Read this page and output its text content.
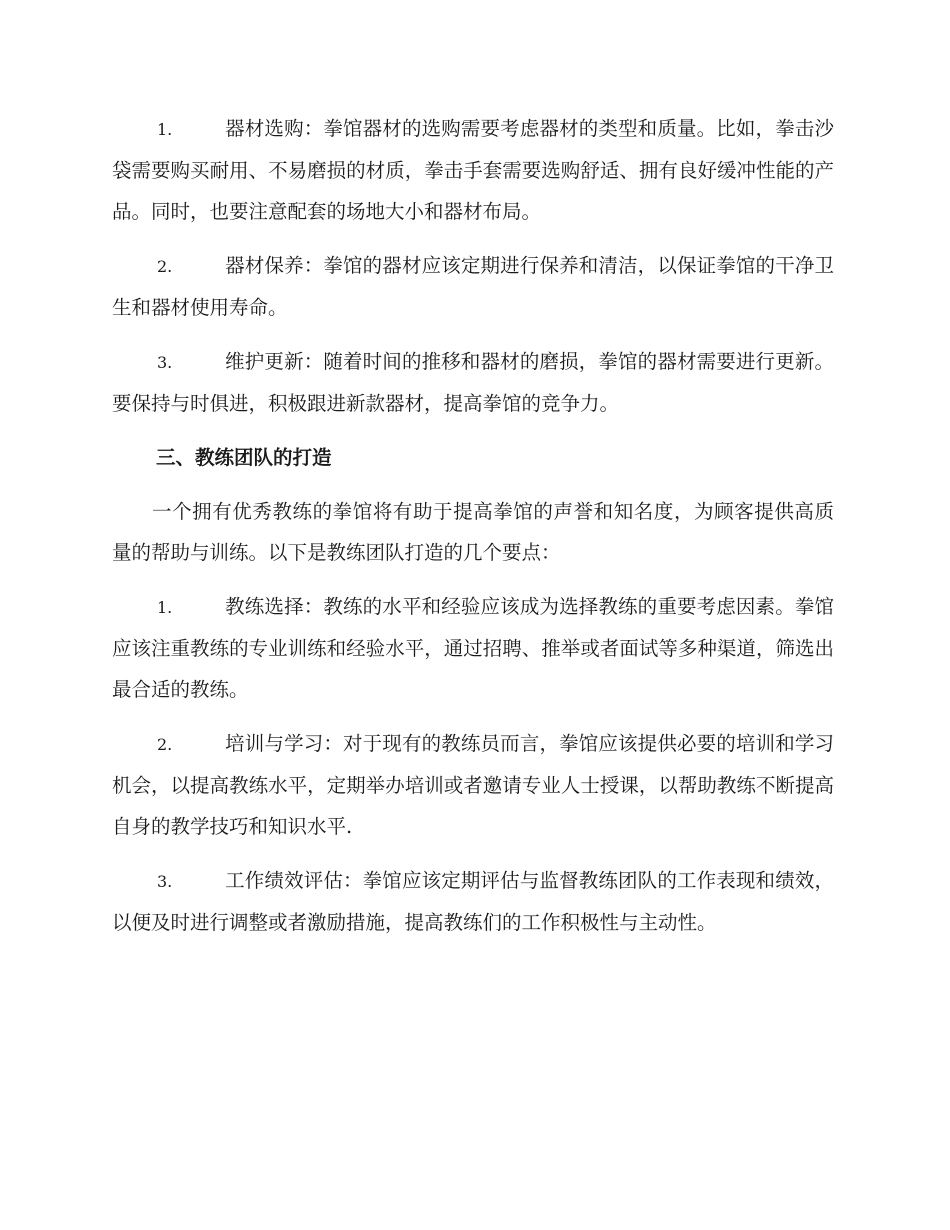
1.	器材选购：拳馆器材的选购需要考虑器材的类型和质量。比如，拳击沙袋需要购买耐用、不易磨损的材质，拳击手套需要选购舒适、拥有良好缓冲性能的产品。同时，也要注意配套的场地大小和器材布局。

2.	器材保养：拳馆的器材应该定期进行保养和清洁，以保证拳馆的干净卫生和器材使用寿命。

3.	维护更新：随着时间的推移和器材的磨损，拳馆的器材需要进行更新。要保持与时俱进，积极跟进新款器材，提高拳馆的竞争力。

三、教练团队的打造

一个拥有优秀教练的拳馆将有助于提高拳馆的声誉和知名度，为顾客提供高质量的帮助与训练。以下是教练团队打造的几个要点：

1.	教练选择：教练的水平和经验应该成为选择教练的重要考虑因素。拳馆应该注重教练的专业训练和经验水平，通过招聘、推举或者面试等多种渠道，筛选出最合适的教练。

2.	培训与学习：对于现有的教练员而言，拳馆应该提供必要的培训和学习机会，以提高教练水平，定期举办培训或者邀请专业人士授课，以帮助教练不断提高自身的教学技巧和知识水平.

3.	工作绩效评估：拳馆应该定期评估与监督教练团队的工作表现和绩效，以便及时进行调整或者激励措施，提高教练们的工作积极性与主动性。
